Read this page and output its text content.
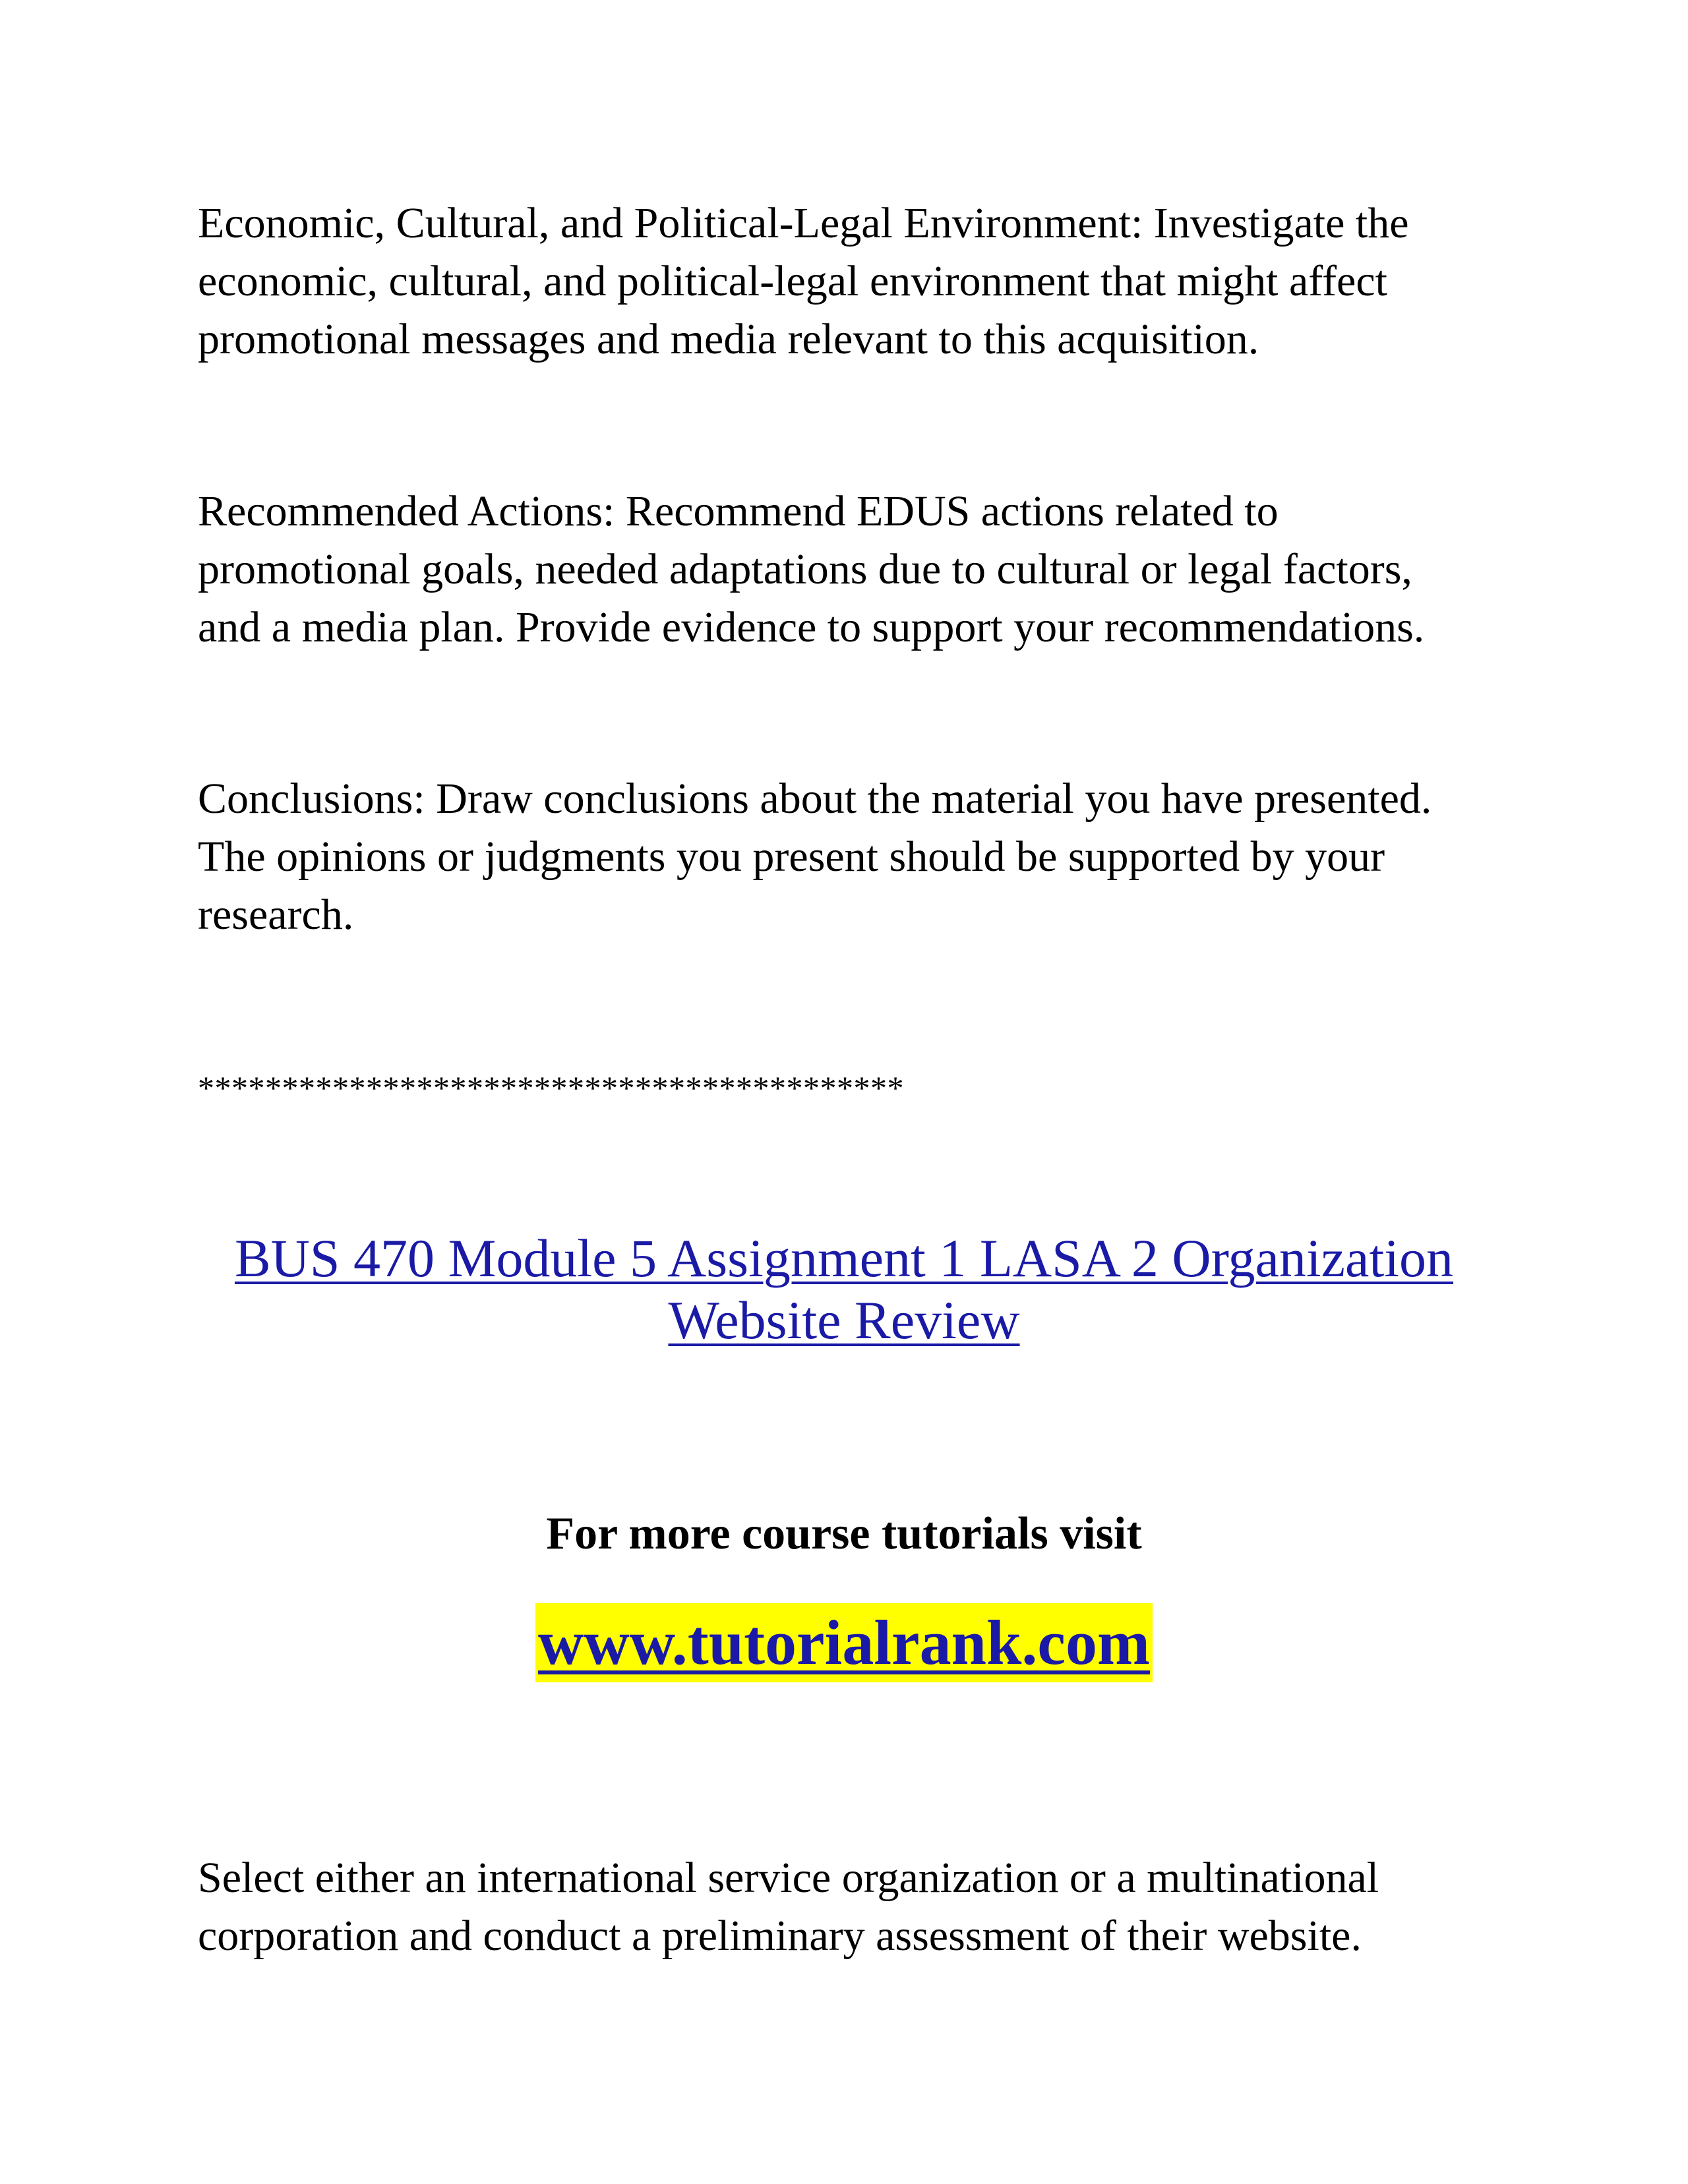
Economic, Cultural, and Political-Legal Environment: Investigate the
economic, cultural, and political-legal environment that might affect
promotional messages and media relevant to this acquisition.

Recommended Actions: Recommend EDUS actions related to
promotional goals, needed adaptations due to cultural or legal factors,
and a media plan. Provide evidence to support your recommendations.

Conclusions: Draw conclusions about the material you have presented.
The opinions or judgments you present should be supported by your
research.

******************************************
BUS 470 Module 5 Assignment 1 LASA 2 Organization
Website Review
For more course tutorials visit
www.tutorialrank.com

Select either an international service organization or a multinational
corporation and conduct a preliminary assessment of their website.
